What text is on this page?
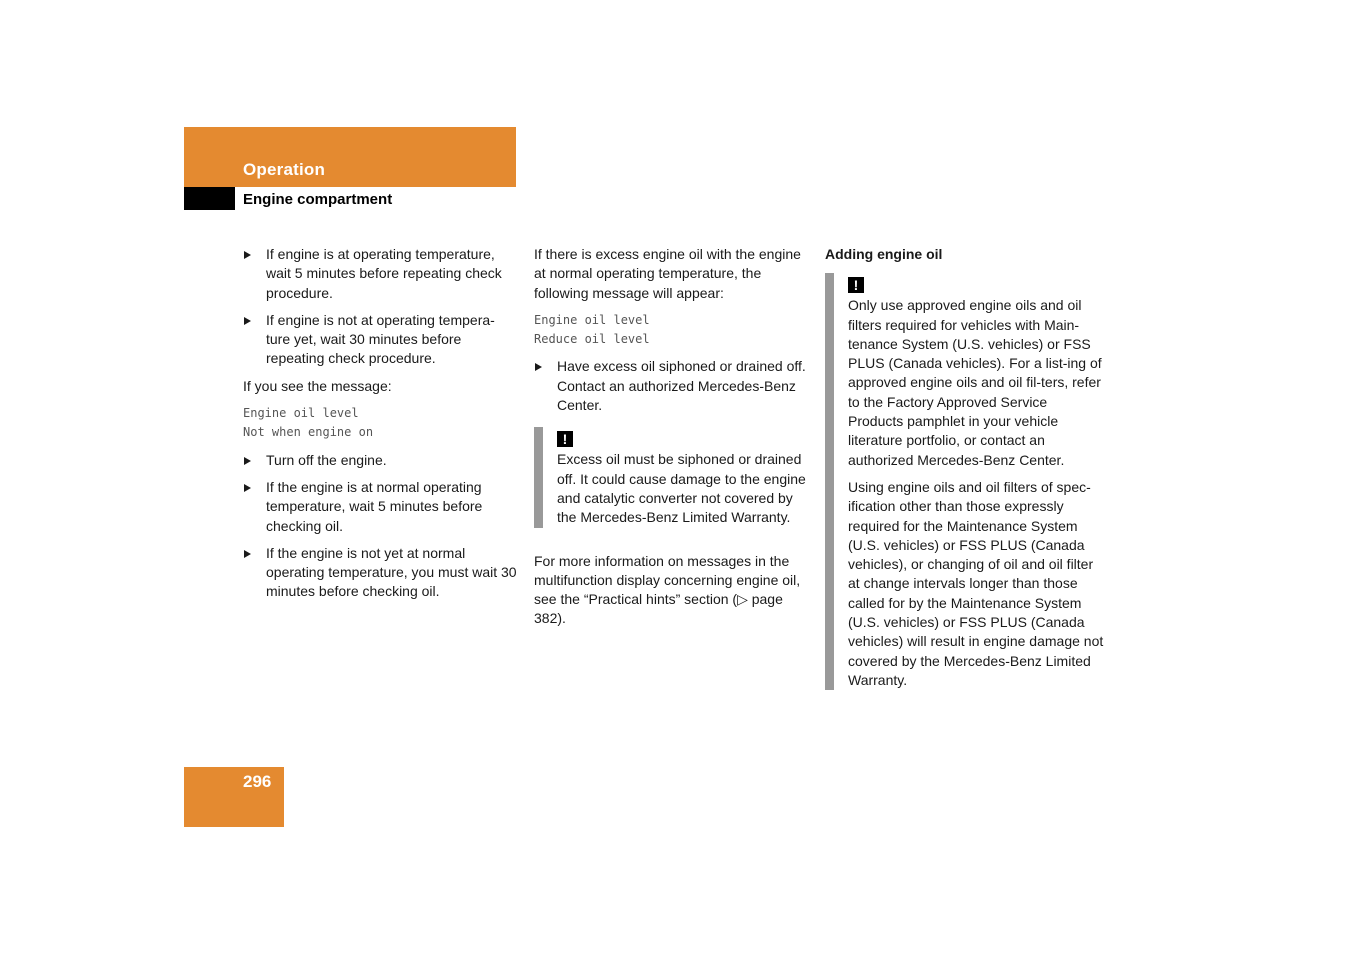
Operation
Engine compartment
If engine is at operating temperature, wait 5 minutes before repeating check procedure.
If engine is not at operating tempera-ture yet, wait 30 minutes before repeating check procedure.

If you see the message:

Engine oil level
Not when engine on
Turn off the engine.
If the engine is at normal operating temperature, wait 5 minutes before checking oil.
If the engine is not yet at normal operating temperature, you must wait 30 minutes before checking oil.

If there is excess engine oil with the engine at normal operating temperature, the following message will appear:

Engine oil level
Reduce oil level
Have excess oil siphoned or drained off. Contact an authorized Mercedes-Benz Center.
!
Excess oil must be siphoned or drained off. It could cause damage to the engine and catalytic converter not covered by the Mercedes-Benz Limited Warranty.

For more information on messages in the multifunction display concerning engine oil, see the “Practical hints” section (▷ page 382).

Adding engine oil
!

Only use approved engine oils and oil filters required for vehicles with Main-tenance System (U.S. vehicles) or FSS PLUS (Canada vehicles). For a list-ing of approved engine oils and oil fil-ters, refer to the Factory Approved Service Products pamphlet in your vehicle literature portfolio, or contact an authorized Mercedes-Benz Center.

Using engine oils and oil filters of spec-ification other than those expressly required for the Maintenance System (U.S. vehicles) or FSS PLUS (Canada vehicles), or changing of oil and oil filter at change intervals longer than those called for by the Maintenance System (U.S. vehicles) or FSS PLUS (Canada vehicles) will result in engine damage not covered by the Mercedes-Benz Limited Warranty.

296
